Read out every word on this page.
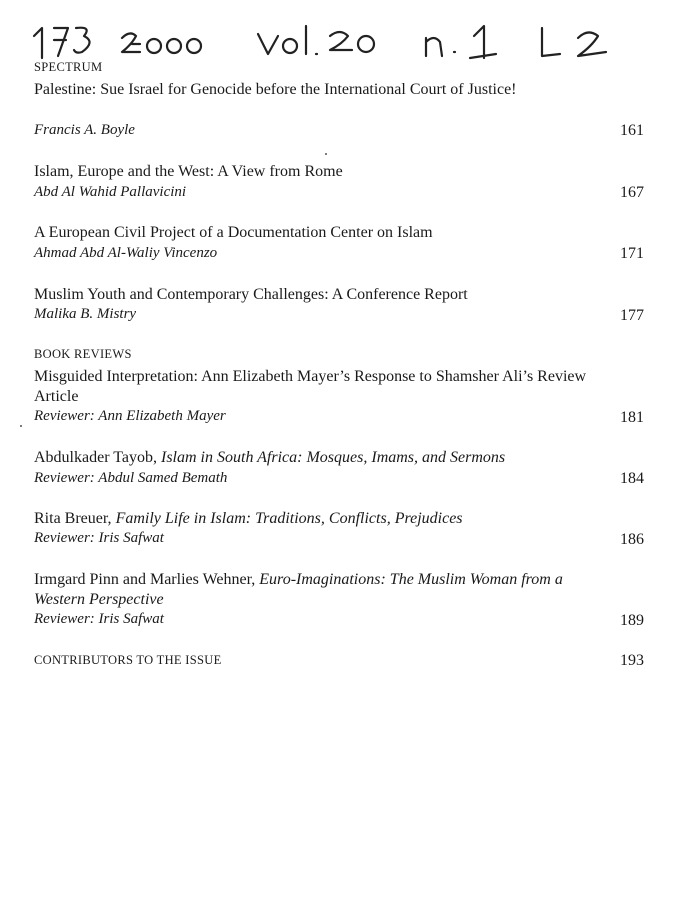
SPECTRUM
Palestine: Sue Israel for Genocide before the International Court of Justice!
Francis A. Boyle	161
Islam, Europe and the West: A View from Rome
Abd Al Wahid Pallavicini	167
A European Civil Project of a Documentation Center on Islam
Ahmad Abd Al-Waliy Vincenzo	171
Muslim Youth and Contemporary Challenges: A Conference Report
Malika B. Mistry	177
BOOK REVIEWS
Misguided Interpretation: Ann Elizabeth Mayer’s Response to Shamsher Ali’s Review Article
Reviewer: Ann Elizabeth Mayer	181
Abdulkader Tayob, Islam in South Africa: Mosques, Imams, and Sermons
Reviewer: Abdul Samed Bemath	184
Rita Breuer, Family Life in Islam: Traditions, Conflicts, Prejudices
Reviewer: Iris Safwat	186
Irmgard Pinn and Marlies Wehner, Euro-Imaginations: The Muslim Woman from a Western Perspective
Reviewer: Iris Safwat	189
CONTRIBUTORS TO THE ISSUE	193
